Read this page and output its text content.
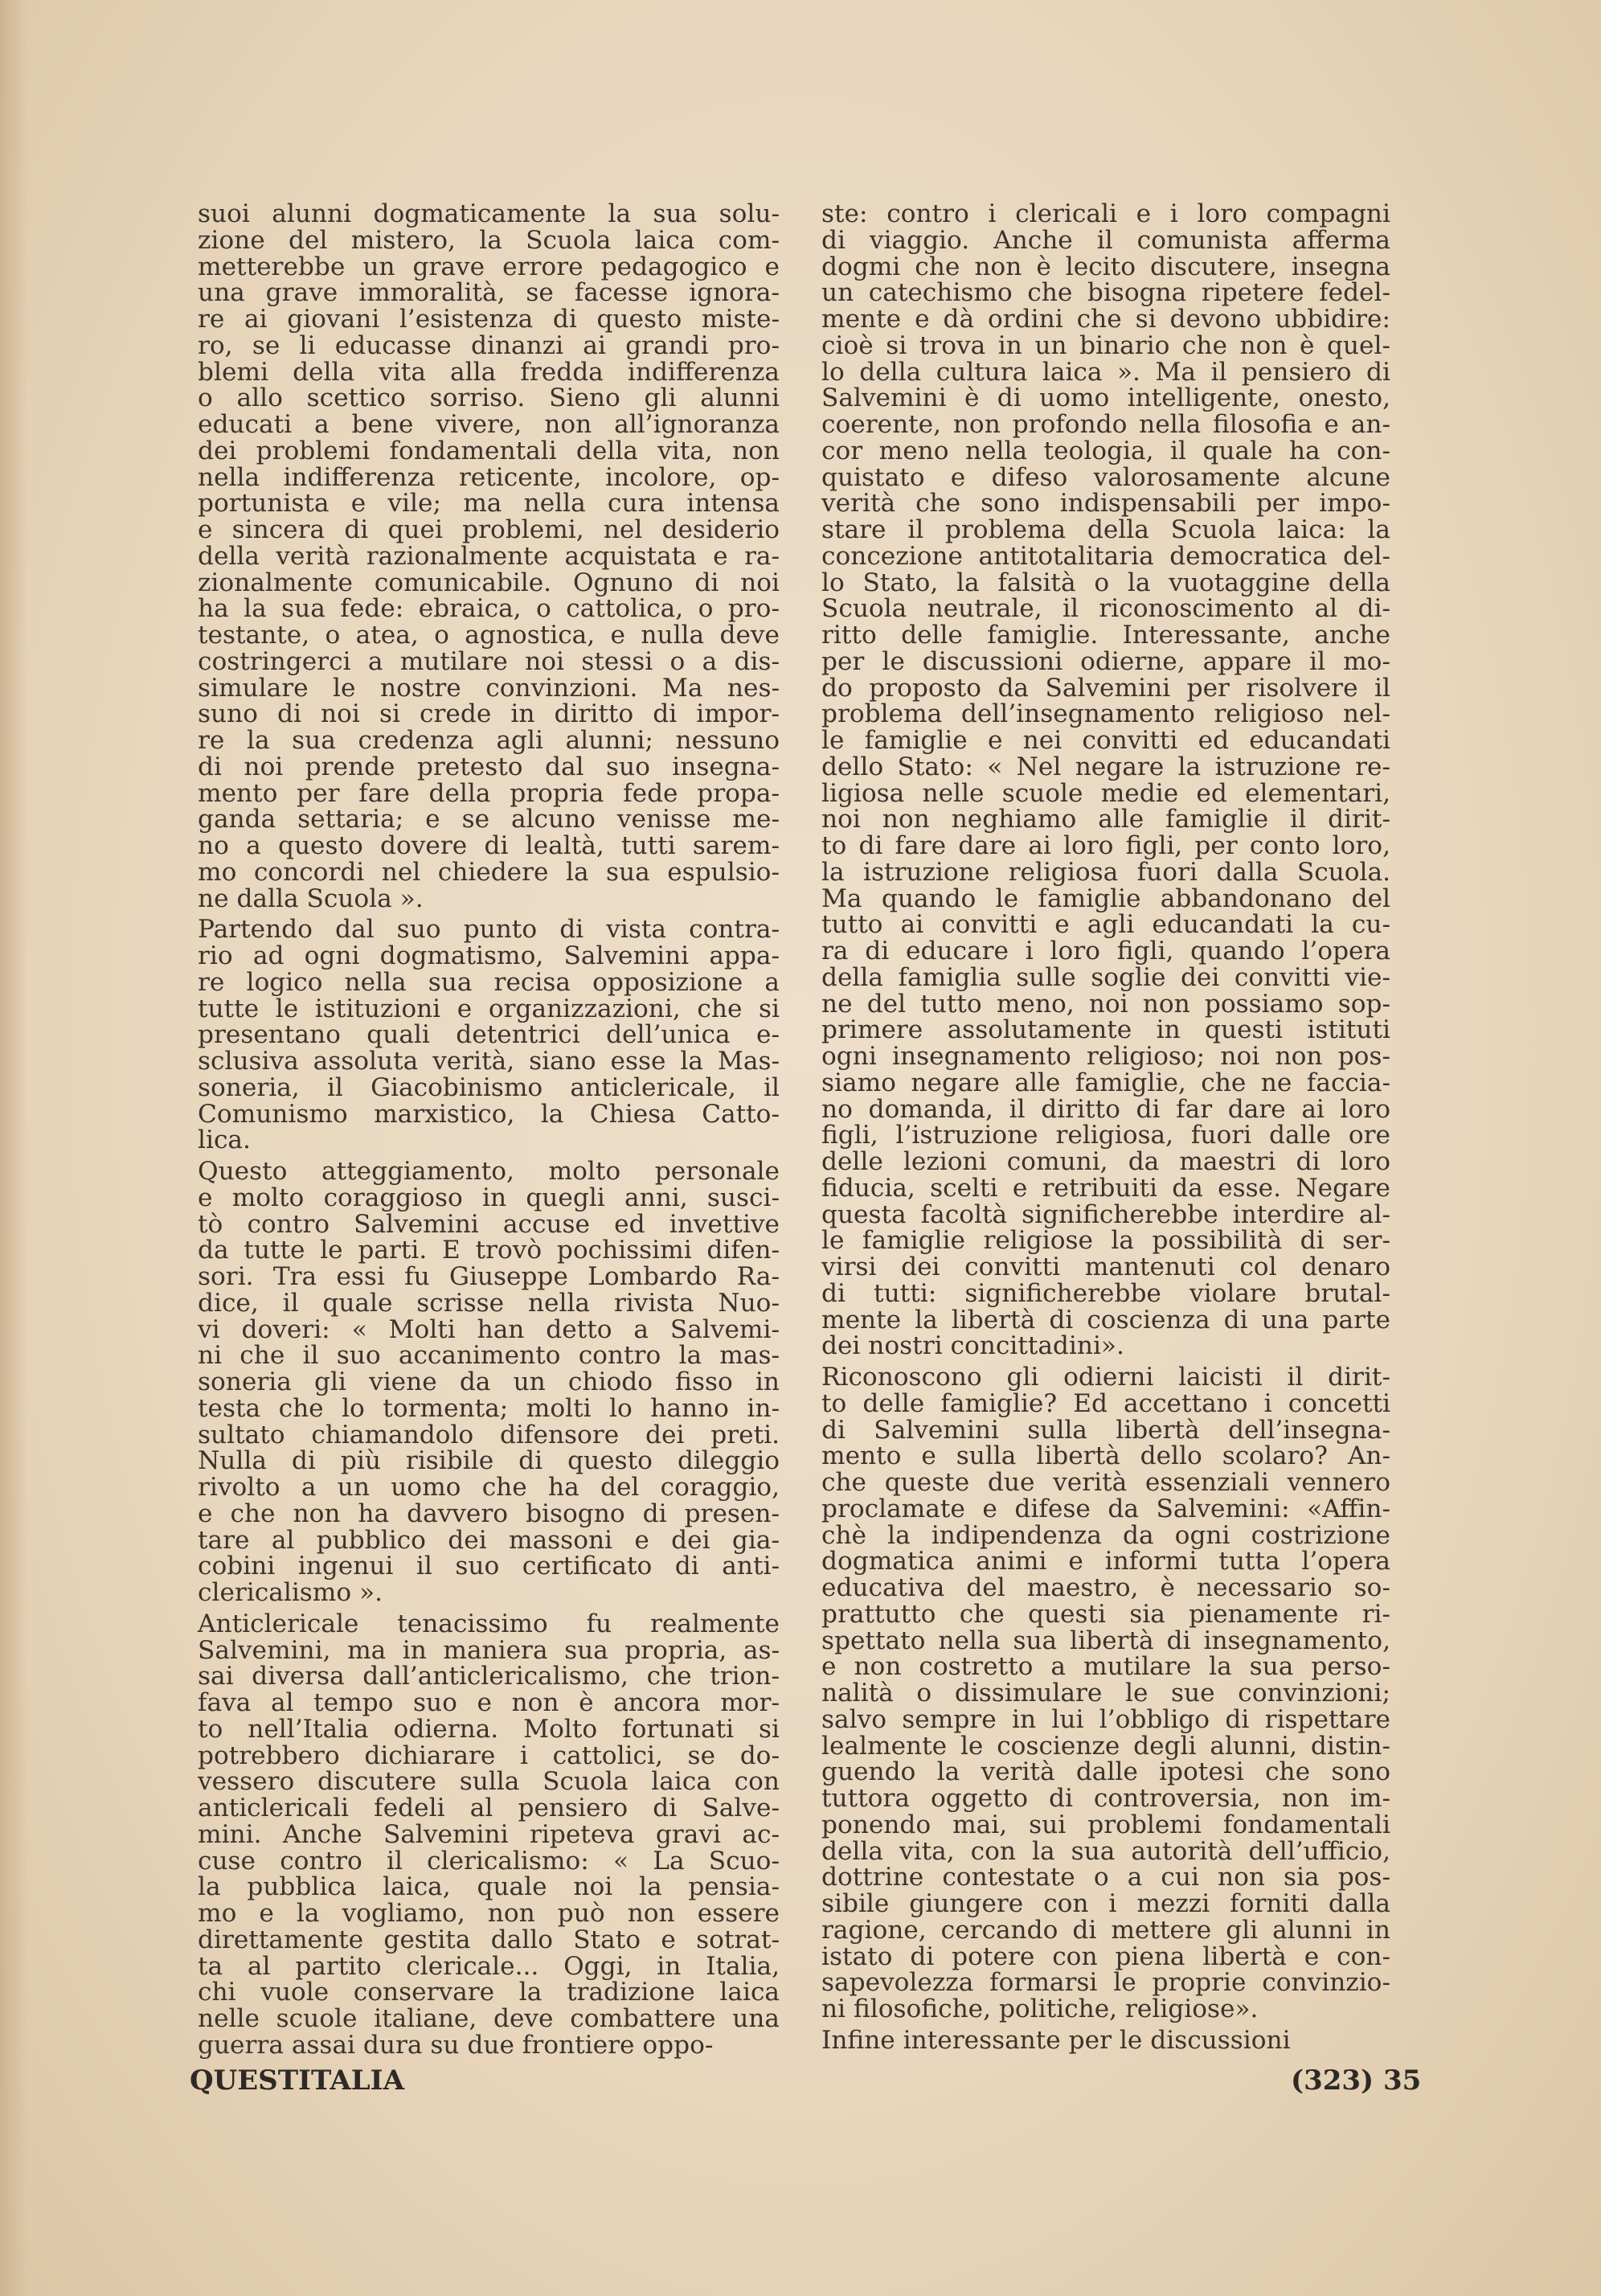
suoi alunni dogmaticamente la sua solu-
zione del mistero, la Scuola laica com-
metterebbe un grave errore pedagogico e
una grave immoralità, se facesse ignora-
re ai giovani l’esistenza di questo miste-
ro, se li educasse dinanzi ai grandi pro-
blemi della vita alla fredda indifferenza
o allo scettico sorriso. Sieno gli alunni
educati a bene vivere, non all’ignoranza
dei problemi fondamentali della vita, non
nella indifferenza reticente, incolore, op-
portunista e vile; ma nella cura intensa
e sincera di quei problemi, nel desiderio
della verità razionalmente acquistata e ra-
zionalmente comunicabile. Ognuno di noi
ha la sua fede: ebraica, o cattolica, o pro-
testante, o atea, o agnostica, e nulla deve
costringerci a mutilare noi stessi o a dis-
simulare le nostre convinzioni. Ma nes-
suno di noi si crede in diritto di impor-
re la sua credenza agli alunni; nessuno
di noi prende pretesto dal suo insegna-
mento per fare della propria fede propa-
ganda settaria; e se alcuno venisse me-
no a questo dovere di lealtà, tutti sarem-
mo concordi nel chiedere la sua espulsio-
ne dalla Scuola ».
Partendo dal suo punto di vista contra-
rio ad ogni dogmatismo, Salvemini appa-
re logico nella sua recisa opposizione a
tutte le istituzioni e organizzazioni, che si
presentano quali detentrici dell’unica e-
sclusiva assoluta verità, siano esse la Mas-
soneria, il Giacobinismo anticlericale, il
Comunismo marxistico, la Chiesa Catto-
lica.
Questo atteggiamento, molto personale
e molto coraggioso in quegli anni, susci-
tò contro Salvemini accuse ed invettive
da tutte le parti. E trovò pochissimi difen-
sori. Tra essi fu Giuseppe Lombardo Ra-
dice, il quale scrisse nella rivista Nuo-
vi doveri: « Molti han detto a Salvemi-
ni che il suo accanimento contro la mas-
soneria gli viene da un chiodo fisso in
testa che lo tormenta; molti lo hanno in-
sultato chiamandolo difensore dei preti.
Nulla di più risibile di questo dileggio
rivolto a un uomo che ha del coraggio,
e che non ha davvero bisogno di presen-
tare al pubblico dei massoni e dei gia-
cobini ingenui il suo certificato di anti-
clericalismo ».
Anticlericale tenacissimo fu realmente
Salvemini, ma in maniera sua propria, as-
sai diversa dall’anticlericalismo, che trion-
fava al tempo suo e non è ancora mor-
to nell’Italia odierna. Molto fortunati si
potrebbero dichiarare i cattolici, se do-
vessero discutere sulla Scuola laica con
anticlericali fedeli al pensiero di Salve-
mini. Anche Salvemini ripeteva gravi ac-
cuse contro il clericalismo: « La Scuo-
la pubblica laica, quale noi la pensia-
mo e la vogliamo, non può non essere
direttamente gestita dallo Stato e sotrat-
ta al partito clericale... Oggi, in Italia,
chi vuole conservare la tradizione laica
nelle scuole italiane, deve combattere una
guerra assai dura su due frontiere oppo-
ste: contro i clericali e i loro compagni
di viaggio. Anche il comunista afferma
dogmi che non è lecito discutere, insegna
un catechismo che bisogna ripetere fedel-
mente e dà ordini che si devono ubbidire:
cioè si trova in un binario che non è quel-
lo della cultura laica ». Ma il pensiero di
Salvemini è di uomo intelligente, onesto,
coerente, non profondo nella filosofia e an-
cor meno nella teologia, il quale ha con-
quistato e difeso valorosamente alcune
verità che sono indispensabili per impo-
stare il problema della Scuola laica: la
concezione antitotalitaria democratica del-
lo Stato, la falsità o la vuotaggine della
Scuola neutrale, il riconoscimento al di-
ritto delle famiglie. Interessante, anche
per le discussioni odierne, appare il mo-
do proposto da Salvemini per risolvere il
problema dell’insegnamento religioso nel-
le famiglie e nei convitti ed educandati
dello Stato: « Nel negare la istruzione re-
ligiosa nelle scuole medie ed elementari,
noi non neghiamo alle famiglie il dirit-
to di fare dare ai loro figli, per conto loro,
la istruzione religiosa fuori dalla Scuola.
Ma quando le famiglie abbandonano del
tutto ai convitti e agli educandati la cu-
ra di educare i loro figli, quando l’opera
della famiglia sulle soglie dei convitti vie-
ne del tutto meno, noi non possiamo sop-
primere assolutamente in questi istituti
ogni insegnamento religioso; noi non pos-
siamo negare alle famiglie, che ne faccia-
no domanda, il diritto di far dare ai loro
figli, l’istruzione religiosa, fuori dalle ore
delle lezioni comuni, da maestri di loro
fiducia, scelti e retribuiti da esse. Negare
questa facoltà significherebbe interdire al-
le famiglie religiose la possibilità di ser-
virsi dei convitti mantenuti col denaro
di tutti: significherebbe violare brutal-
mente la libertà di coscienza di una parte
dei nostri concittadini».
Riconoscono gli odierni laicisti il dirit-
to delle famiglie? Ed accettano i concetti
di Salvemini sulla libertà dell’insegna-
mento e sulla libertà dello scolaro? An-
che queste due verità essenziali vennero
proclamate e difese da Salvemini: «Affin-
chè la indipendenza da ogni costrizione
dogmatica animi e informi tutta l’opera
educativa del maestro, è necessario so-
prattutto che questi sia pienamente ri-
spettato nella sua libertà di insegnamento,
e non costretto a mutilare la sua perso-
nalità o dissimulare le sue convinzioni;
salvo sempre in lui l’obbligo di rispettare
lealmente le coscienze degli alunni, distin-
guendo la verità dalle ipotesi che sono
tuttora oggetto di controversia, non im-
ponendo mai, sui problemi fondamentali
della vita, con la sua autorità dell’ufficio,
dottrine contestate o a cui non sia pos-
sibile giungere con i mezzi forniti dalla
ragione, cercando di mettere gli alunni in
istato di potere con piena libertà e con-
sapevolezza formarsi le proprie convinzio-
ni filosofiche, politiche, religiose».
Infine interessante per le discussioni
QUESTITALIA	(323) 35
